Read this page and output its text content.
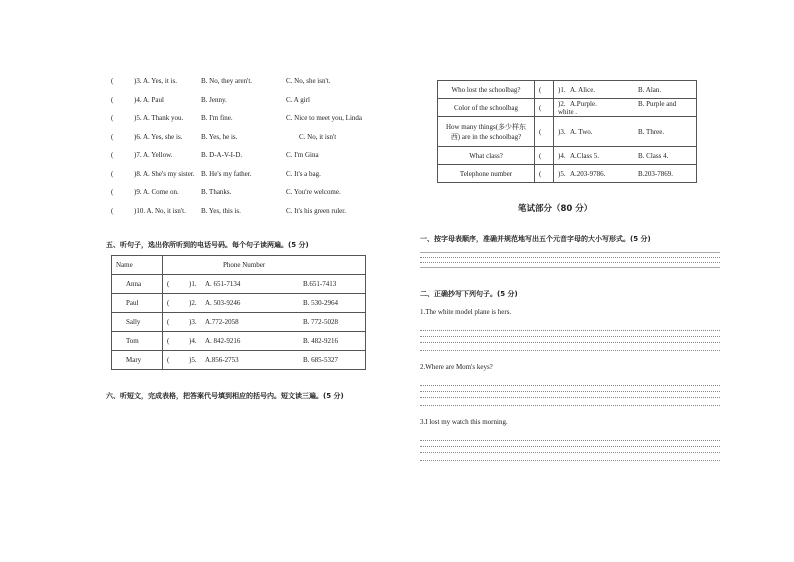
(	)3. A. Yes, it is.	B. No, they aren't.	C. No, she isn't.
(	)4. A. Paul	B. Jenny.	C. A girl
(	)5. A. Thank you.	B. I'm fine.	C. Nice to meet you, Linda
(	)6. A. Yes, she is.	B. Yes, he is.	C. No, it isn't
(	)7. A. Yellow.	B. D-A-V-I-D.	C. I'm Gina
(	)8. A. She's my sister. B. He's my father.	C. It's a bag.
(	)9. A. Come on.	B. Thanks.	C. You're welcome.
(	)10. A. No, it isn't. B. Yes, this is.	C. It's his green ruler.
五、听句子，选出你所听到的电话号码。每个句子读两遍。(5 分)
Name	Phone Number
Anna	( )1. A. 651-7134 B.651-7413
Paul	( )2. A. 503-9246 B. 530-2964
Sally	( )3. A.772-2058 B. 772-5028
Tom	( )4. A. 842-9216 B. 482-9216
Mary	( )5. A.856-2753 B. 685-5327
六、听短文，完成表格，把答案代号填到相应的括号内。短文读三遍。(5 分)
Who lost the schoolbag?	(	)1. A. Alice. B. Alan.
Color of the schoolbag	(	)2. A.Purple. B. Purple and white .
How many things(多少样东西) are in the schoolbag?	(	)3. A. Two. B. Three.
What class?	(	)4. A.Class 5. B. Class 4.
Telephone number	(	)5. A.203-9786. B.203-7869.
笔试部分（80 分）
一、按字母表顺序，准确并规范地写出五个元音字母的大小写形式。(5 分)
二、正确抄写下列句子。(5 分)
1.The white model plane is hers.
2.Where are Mom's keys?
3.I lost my watch this morning.
